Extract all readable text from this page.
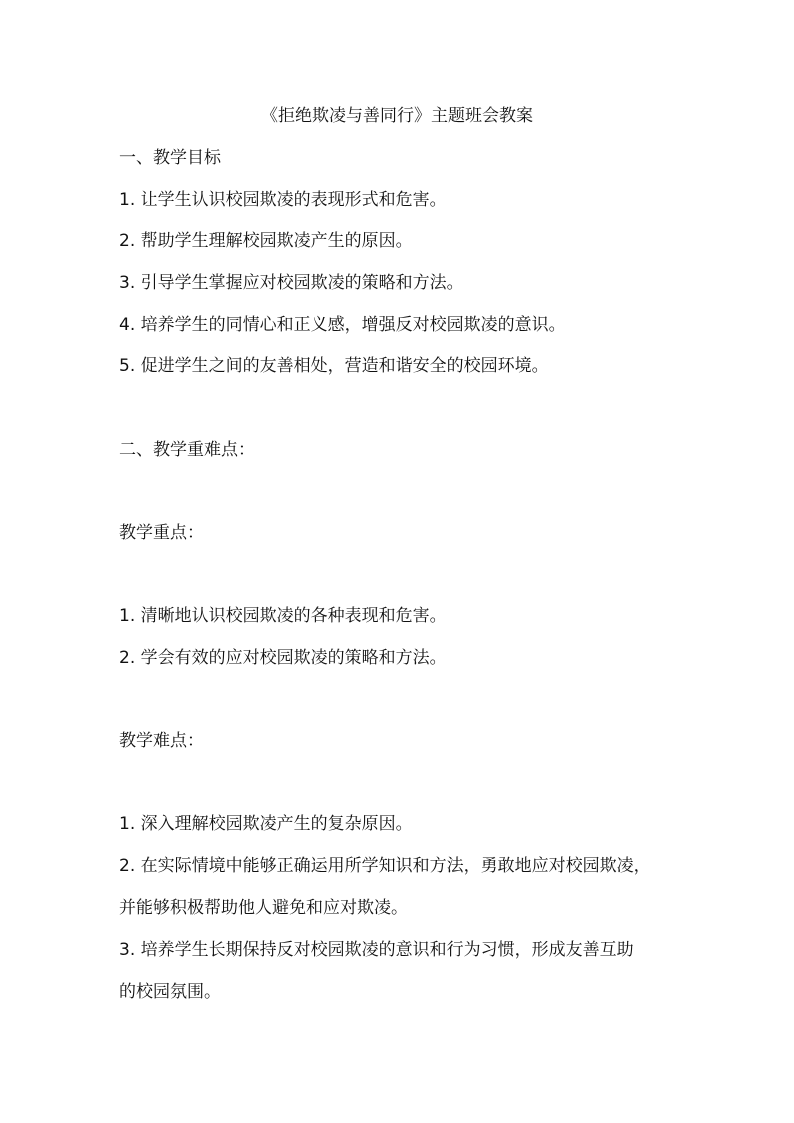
《拒绝欺凌与善同行》主题班会教案
一、教学目标
1. 让学生认识校园欺凌的表现形式和危害。
2. 帮助学生理解校园欺凌产生的原因。
3. 引导学生掌握应对校园欺凌的策略和方法。
4. 培养学生的同情心和正义感，增强反对校园欺凌的意识。
5. 促进学生之间的友善相处，营造和谐安全的校园环境。
二、教学重难点：
教学重点：
1. 清晰地认识校园欺凌的各种表现和危害。
2. 学会有效的应对校园欺凌的策略和方法。
教学难点：
1. 深入理解校园欺凌产生的复杂原因。
2. 在实际情境中能够正确运用所学知识和方法，勇敢地应对校园欺凌，
并能够积极帮助他人避免和应对欺凌。
3. 培养学生长期保持反对校园欺凌的意识和行为习惯，形成友善互助
的校园氛围。
